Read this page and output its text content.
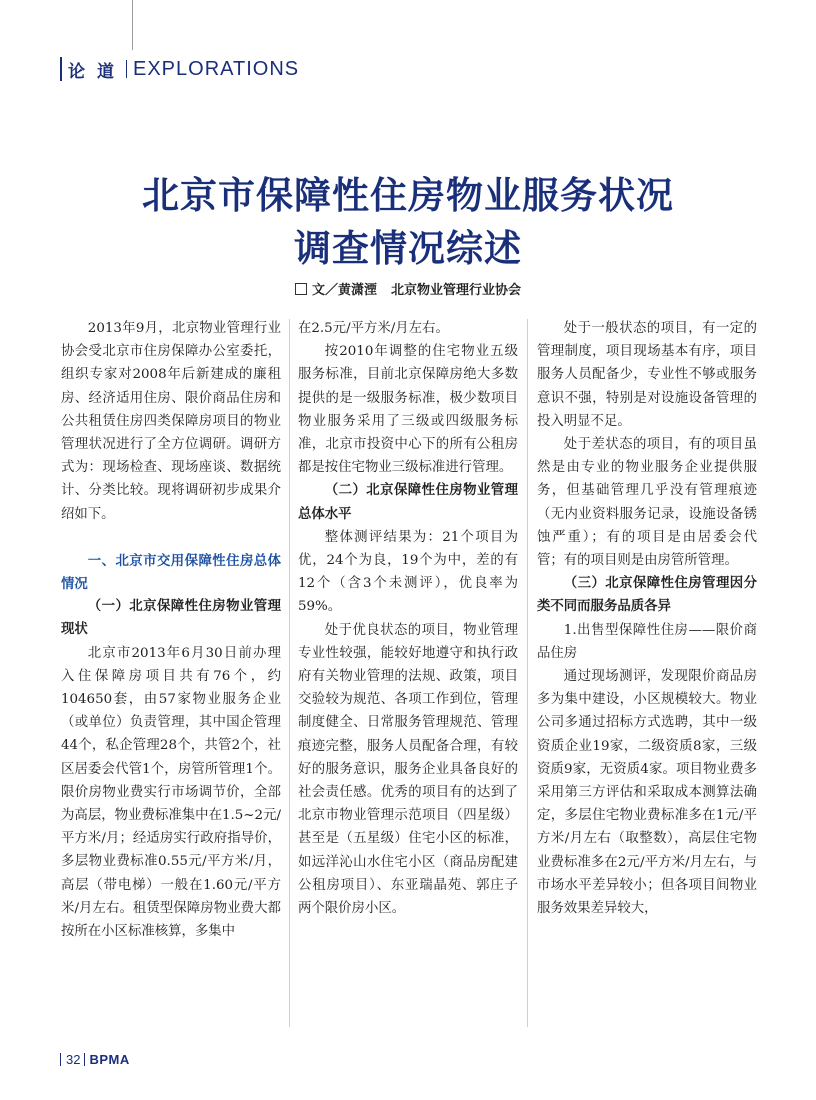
论道 EXPLORATIONS
北京市保障性住房物业服务状况
调查情况综述
文／黄潇湮 北京物业管理行业协会

2013年9月，北京物业管理行业协会受北京市住房保障办公室委托，组织专家对2008年后新建成的廉租房、经济适用住房、限价商品住房和公共租赁住房四类保障房项目的物业管理状况进行了全方位调研。调研方式为：现场检查、现场座谈、数据统计、分类比较。现将调研初步成果介绍如下。

一、北京市交用保障性住房总体情况

（一）北京保障性住房物业管理现状

北京市2013年6月30日前办理入住保障房项目共有76个，约104650套，由57家物业服务企业（或单位）负责管理，其中国企管理44个，私企管理28个，共管2个，社区居委会代管1个，房管所管理1个。限价房物业费实行市场调节价，全部为高层，物业费标准集中在1.5~2元/平方米/月；经适房实行政府指导价，多层物业费标准0.55元/平方米/月，高层（带电梯）一般在1.60元/平方米/月左右。租赁型保障房物业费大都按所在小区标准核算，多集中

在2.5元/平方米/月左右。

按2010年调整的住宅物业五级服务标准，目前北京保障房绝大多数提供的是一级服务标准，极少数项目物业服务采用了三级或四级服务标准，北京市投资中心下的所有公租房都是按住宅物业三级标准进行管理。

（二）北京保障性住房物业管理总体水平

整体测评结果为：21个项目为优，24个为良，19个为中，差的有12个（含3个未测评），优良率为59%。

处于优良状态的项目，物业管理专业性较强，能较好地遵守和执行政府有关物业管理的法规、政策，项目交验较为规范、各项工作到位，管理制度健全、日常服务管理规范、管理痕迹完整，服务人员配备合理，有较好的服务意识，服务企业具备良好的社会责任感。优秀的项目有的达到了北京市物业管理示范项目（四星级）甚至是（五星级）住宅小区的标准，如远洋沁山水住宅小区（商品房配建公租房项目）、东亚瑞晶苑、郭庄子两个限价房小区。

处于一般状态的项目，有一定的管理制度，项目现场基本有序，项目服务人员配备少，专业性不够或服务意识不强，特别是对设施设备管理的投入明显不足。

处于差状态的项目，有的项目虽然是由专业的物业服务企业提供服务，但基础管理几乎没有管理痕迹（无内业资料服务记录，设施设备锈蚀严重）；有的项目是由居委会代管；有的项目则是由房管所管理。

（三）北京保障性住房管理因分类不同而服务品质各异

1.出售型保障性住房——限价商品住房

通过现场测评，发现限价商品房多为集中建设，小区规模较大。物业公司多通过招标方式选聘，其中一级资质企业19家，二级资质8家，三级资质9家，无资质4家。项目物业费多采用第三方评估和采取成本测算法确定，多层住宅物业费标准多在1元/平方米/月左右（取整数），高层住宅物业费标准多在2元/平方米/月左右，与市场水平差异较小；但各项目间物业服务效果差异较大，

32 BPMA
